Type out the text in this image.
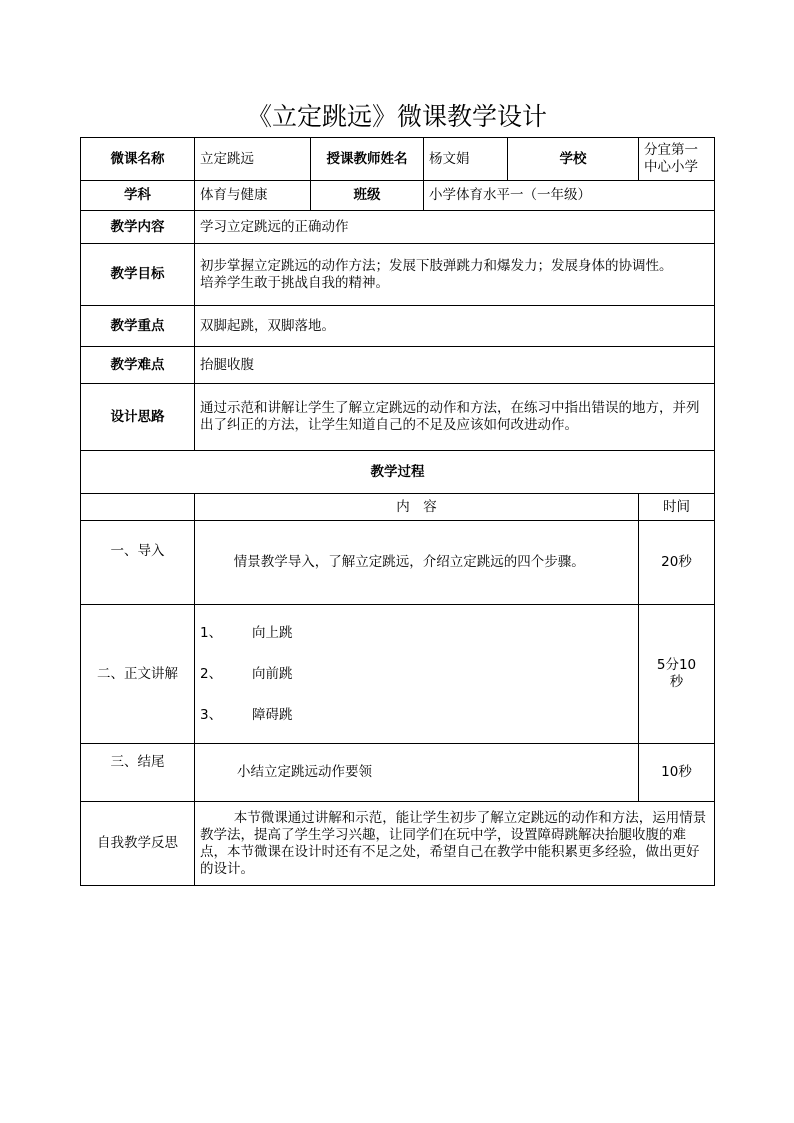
《立定跳远》微课教学设计
微课名称	立定跳远	授课教师姓名	杨文娟	学校	分宜第一中心小学
学科	体育与健康	班级	小学体育水平一（一年级）		
教学内容	学习立定跳远的正确动作				
教学目标	初步掌握立定跳远的动作方法；发展下肢弹跳力和爆发力；发展身体的协调性。
培养学生敢于挑战自我的精神。				

教学重点	双脚起跳，双脚落地。				
教学难点	抬腿收腹				
设计思路	通过示范和讲解让学生了解立定跳远的动作和方法，在练习中指出错误的地方，并列出了纠正的方法，让学生知道自己的不足及应该如何改进动作。				
教学过程					
	内　容				时间
一、导入	情景教学导入，了解立定跳远，介绍立定跳远的四个步骤。				20秒
二、正文讲解	1、 向上跳
2、 向前跳
3、 障碍跳				5分10秒
三、结尾	小结立定跳远动作要领				10秒
自我教学反思	本节微课通过讲解和示范，能让学生初步了解立定跳远的动作和方法，运用情景教学法，提高了学生学习兴趣，让同学们在玩中学，设置障碍跳解决抬腿收腹的难点，本节微课在设计时还有不足之处，希望自己在教学中能积累更多经验，做出更好的设计。				
